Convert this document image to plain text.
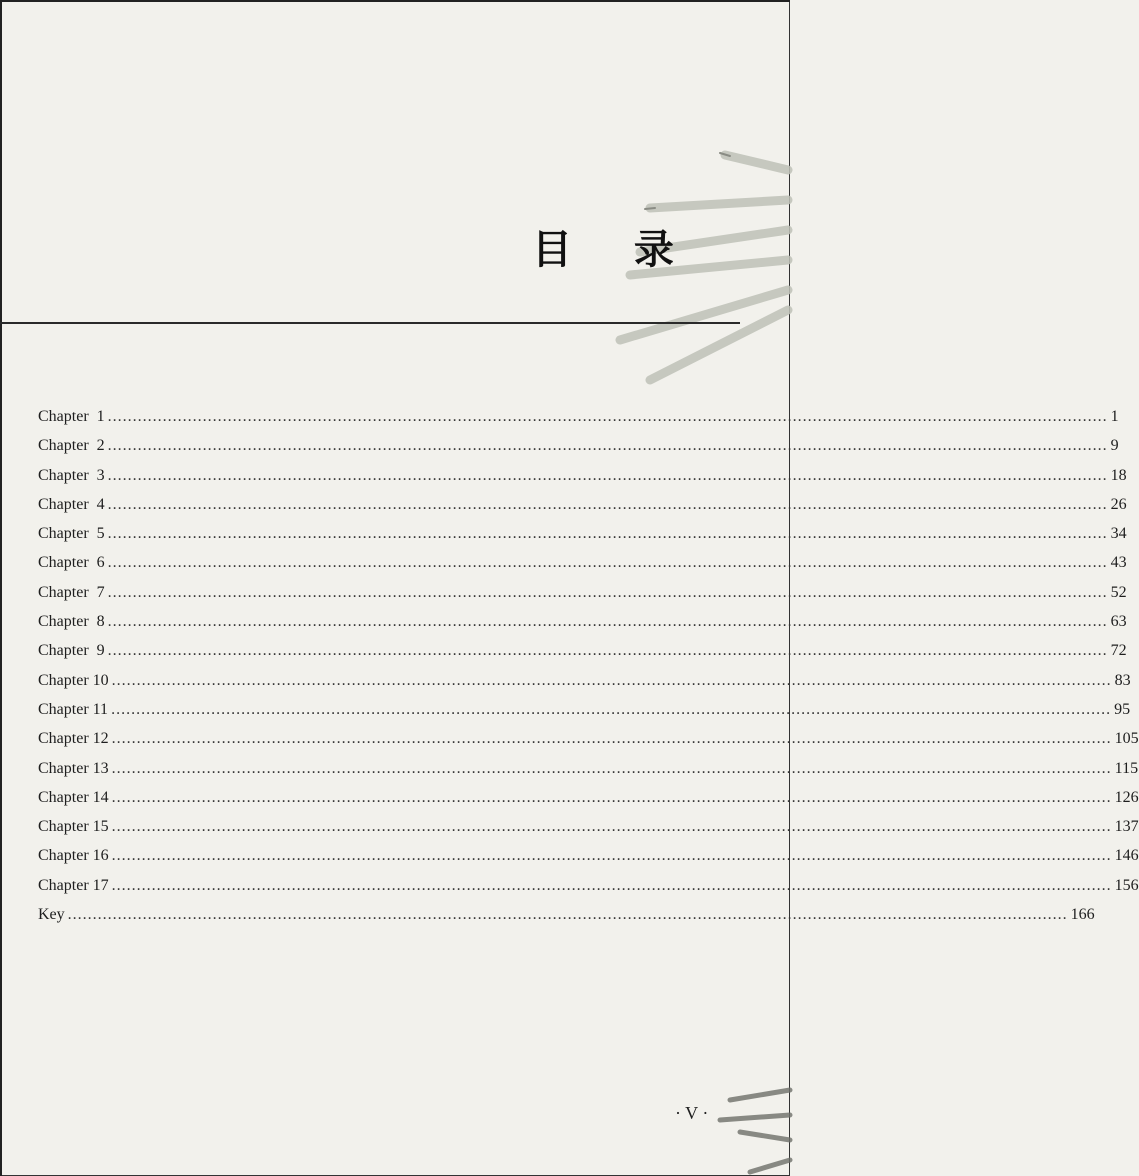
目 录
Chapter  1 ........................................................................................................................................................................................................ 1
Chapter  2 ........................................................................................................................................................................................................ 9
Chapter  3 ........................................................................................................................................................................................................ 18
Chapter  4 ........................................................................................................................................................................................................ 26
Chapter  5 ........................................................................................................................................................................................................ 34
Chapter  6 ........................................................................................................................................................................................................ 43
Chapter  7 ........................................................................................................................................................................................................ 52
Chapter  8 ........................................................................................................................................................................................................ 63
Chapter  9 ........................................................................................................................................................................................................ 72
Chapter 10 ........................................................................................................................................................................................................ 83
Chapter 11 ........................................................................................................................................................................................................ 95
Chapter 12 ........................................................................................................................................................................................................ 105
Chapter 13 ........................................................................................................................................................................................................ 115
Chapter 14 ........................................................................................................................................................................................................ 126
Chapter 15 ........................................................................................................................................................................................................ 137
Chapter 16 ........................................................................................................................................................................................................ 146
Chapter 17 ........................................................................................................................................................................................................ 156
Key ........................................................................................................................................................................................................ 166
· V ·
